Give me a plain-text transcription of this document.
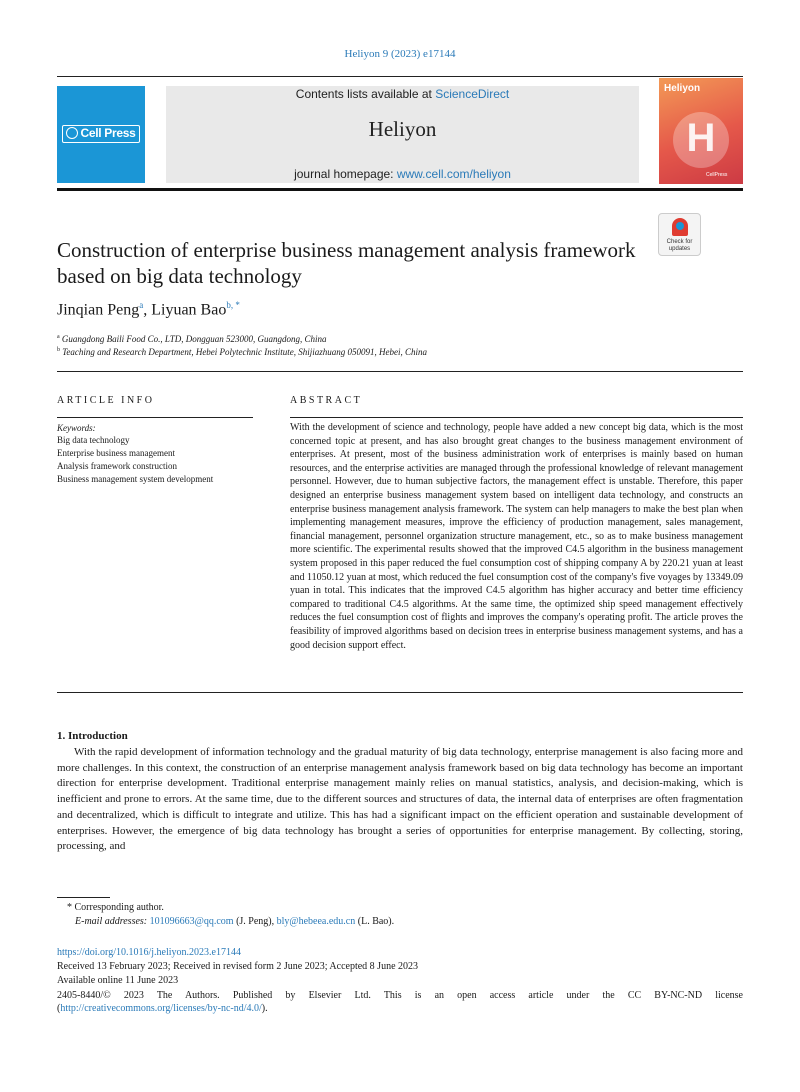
Heliyon 9 (2023) e17144
Cell Press
Contents lists available at ScienceDirect
Heliyon
journal homepage: www.cell.com/heliyon
Heliyon
H
CellPress
Check for updates
Construction of enterprise business management analysis framework based on big data technology
Jinqian Peng$^a$, Liyuan Bao$^{b, *}$
$^a$ Guangdong Baili Food Co., LTD, Dongguan 523000, Guangdong, China
$^b$ Teaching and Research Department, Hebei Polytechnic Institute, Shijiazhuang 050091, Hebei, China
ARTICLE INFO
Keywords:
Big data technology
Enterprise business management
Analysis framework construction
Business management system development
ABSTRACT
With the development of science and technology, people have added a new concept big data, which is the most concerned topic at present, and has also brought great changes to the business management environment of enterprises. At present, most of the business administration work of enterprises is mainly based on human resources, and the enterprise activities are managed through the professional knowledge of relevant management personnel. However, due to human subjective factors, the management effect is unstable. Therefore, this paper designed an enterprise business management system based on intelligent data technology, and constructs an enterprise business management analysis framework. The system can help managers to make the best plan when implementing management measures, improve the efficiency of production management, sales management, financial management, personnel organization structure management, etc., so as to make business management more scientific. The experimental results showed that the improved C4.5 algorithm in the business management system proposed in this paper reduced the fuel consumption cost of shipping company A by 220.21 yuan at least and 11050.12 yuan at most, which reduced the fuel consumption cost of the company's five voyages by 13349.09 yuan in total. This indicates that the improved C4.5 algorithm has higher accuracy and better time efficiency compared to traditional C4.5 algorithms. At the same time, the optimized ship speed management effectively reduces the fuel consumption cost of flights and improves the company's operating profit. The article proves the feasibility of improved algorithms based on decision trees in enterprise business management systems, and has a good decision support effect.
1. Introduction
With the rapid development of information technology and the gradual maturity of big data technology, enterprise management is also facing more and more challenges. In this context, the construction of an enterprise management analysis framework based on big data technology has become an important direction for enterprise development. Traditional enterprise management mainly relies on manual statistics, analysis, and decision-making, which is inefficient and prone to errors. At the same time, due to the different sources and structures of data, the internal data of enterprises are often fragmentation and decentralized, which is difficult to integrate and utilize. This has had a significant impact on the efficient operation and sustainable development of enterprises. However, the emergence of big data technology has brought a series of opportunities for enterprise management. By collecting, storing, processing, and
* Corresponding author.
E-mail addresses: 101096663@qq.com (J. Peng), bly@hebeea.edu.cn (L. Bao).
https://doi.org/10.1016/j.heliyon.2023.e17144
Received 13 February 2023; Received in revised form 2 June 2023; Accepted 8 June 2023
Available online 11 June 2023
2405-8440/© 2023 The Authors. Published by Elsevier Ltd. This is an open access article under the CC BY-NC-ND license
(http://creativecommons.org/licenses/by-nc-nd/4.0/).
